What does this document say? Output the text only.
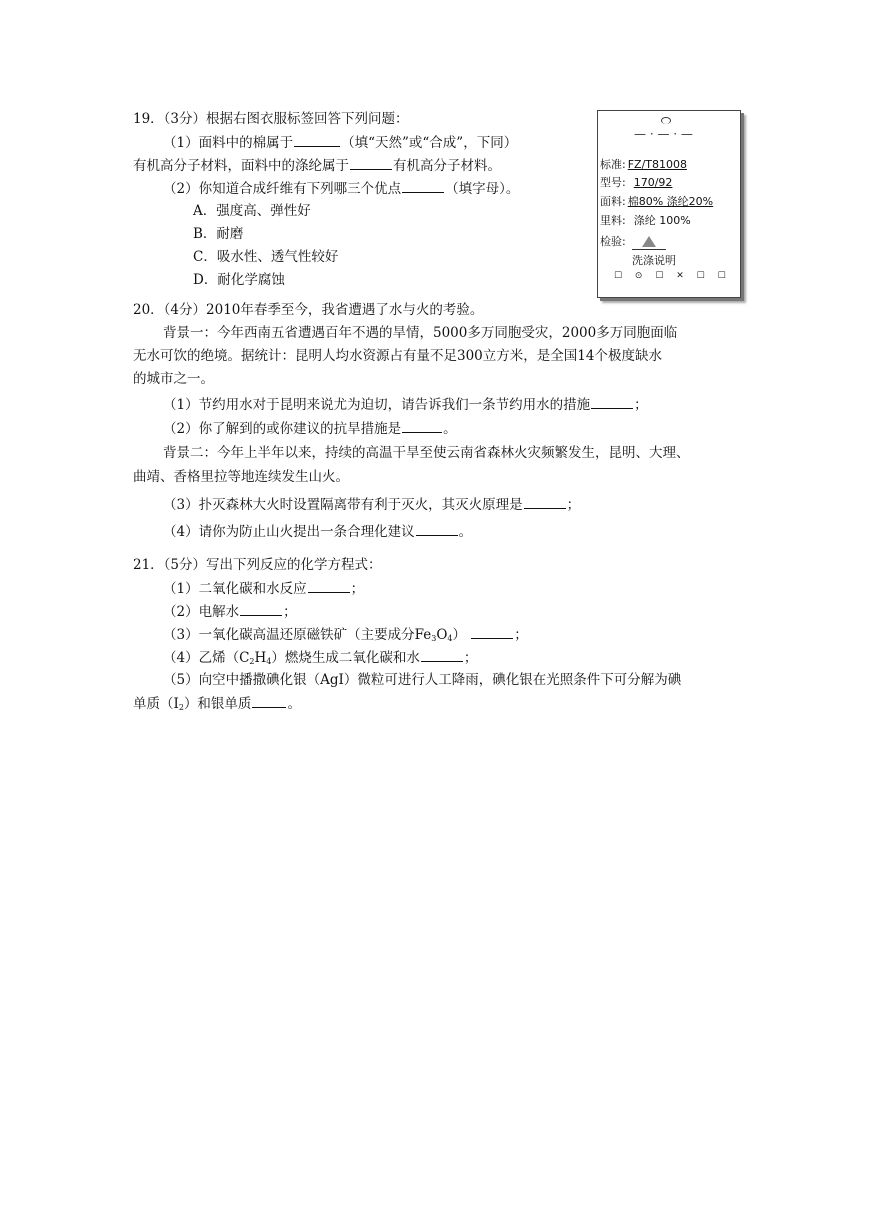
19．（3分）根据右图衣服标签回答下列问题：
（1）面料中的棉属于	（填“天然”或“合成”，下同）
有机高分子材料，面料中的涤纶属于	有机高分子材料。
（2）你知道合成纤维有下列哪三个优点	（填字母）。
A．强度高、弹性好
B．耐磨
C．吸水性、透气性较好
D．耐化学腐蚀
— · — · —
标准: FZ/T81008
型号: 170/92
面料: 棉80% 涤纶20%
里料: 涤纶 100%
检验:
洗涤说明
☐ ⊙ ☐ ✕ ☐ ☐
20．（4分）2010年春季至今，我省遭遇了水与火的考验。
背景一：今年西南五省遭遇百年不遇的旱情，5000多万同胞受灾，2000多万同胞面临
无水可饮的绝境。据统计：昆明人均水资源占有量不足300立方米，是全国14个极度缺水
的城市之一。
（1）节约用水对于昆明来说尤为迫切，请告诉我们一条节约用水的措施	；
（2）你了解到的或你建议的抗旱措施是	。
背景二：今年上半年以来，持续的高温干旱至使云南省森林火灾频繁发生，昆明、大理、
曲靖、香格里拉等地连续发生山火。
（3）扑灭森林大火时设置隔离带有利于灭火，其灭火原理是	；
（4）请你为防止山火提出一条合理化建议	。
21．（5分）写出下列反应的化学方程式：
（1）二氧化碳和水反应	；
（2）电解水	；
（3）一氧化碳高温还原磁铁矿（主要成分$Fe_3O_4$）	；
（4）乙烯$(C_2H_4)$燃烧生成二氧化碳和水	；
（5）向空中播撒碘化银（AgI）微粒可进行人工降雨，碘化银在光照条件下可分解为碘
单质$(I_2)$和银单质	。
